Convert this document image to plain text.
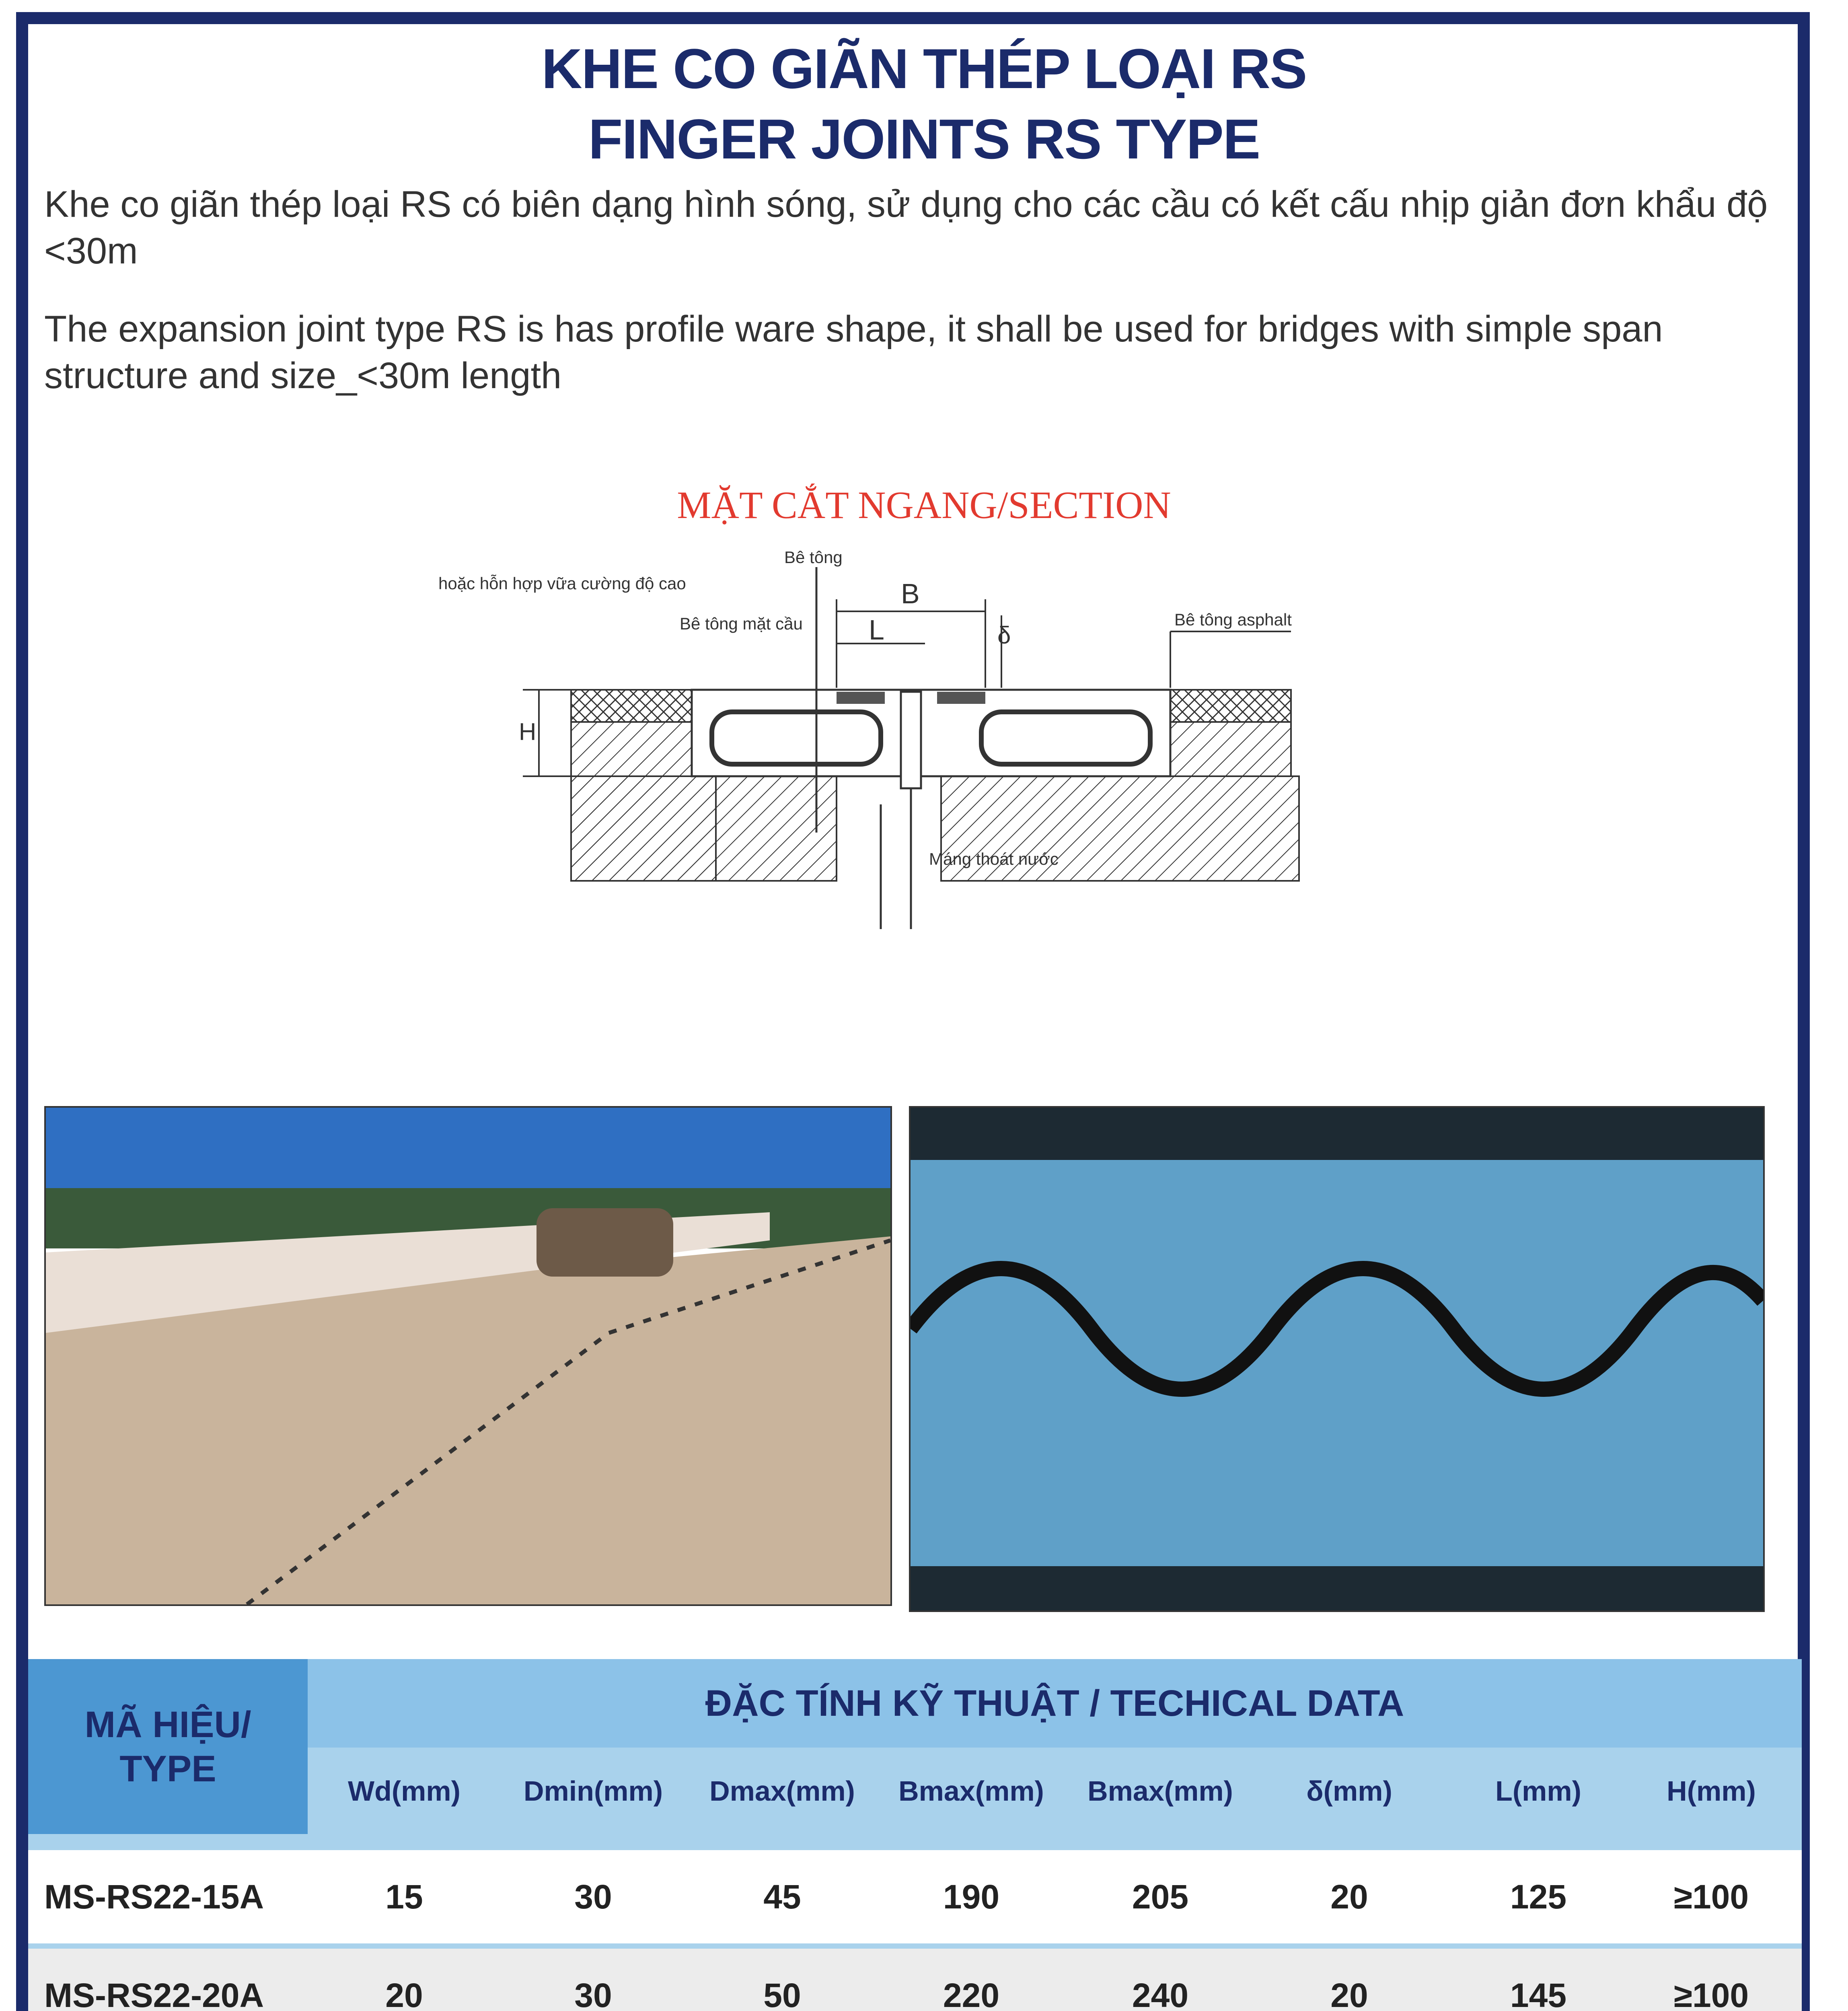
KHE CO GIÃN THÉP LOẠI RS
FINGER JOINTS RS TYPE
Khe co giãn thép loại RS có biên dạng hình sóng, sử dụng cho các cầu có kết cấu nhịp giản đơn khẩu độ <30m
The expansion joint type RS is has profile ware shape, it shall be used for bridges with simple span structure and size_<30m length
MẶT CẮT NGANG/SECTION
Bê tông
hoặc hỗn hợp vữa cường độ cao
Bê tông mặt cầu	Bê tông asphalt
Máng thoát nước
B
L	δ
H
MÃ HIỆU/
TYPE
ĐẶC TÍNH KỸ THUẬT / TECHICAL DATA
Wd(mm)	Dmin(mm)	Dmax(mm)	Bmax(mm)	Bmax(mm)	δ(mm)	L(mm)	H(mm)
MS-RS22-15A	15	30	45	190	205	20	125	≥100
MS-RS22-20A	20	30	50	220	240	20	145	≥100
